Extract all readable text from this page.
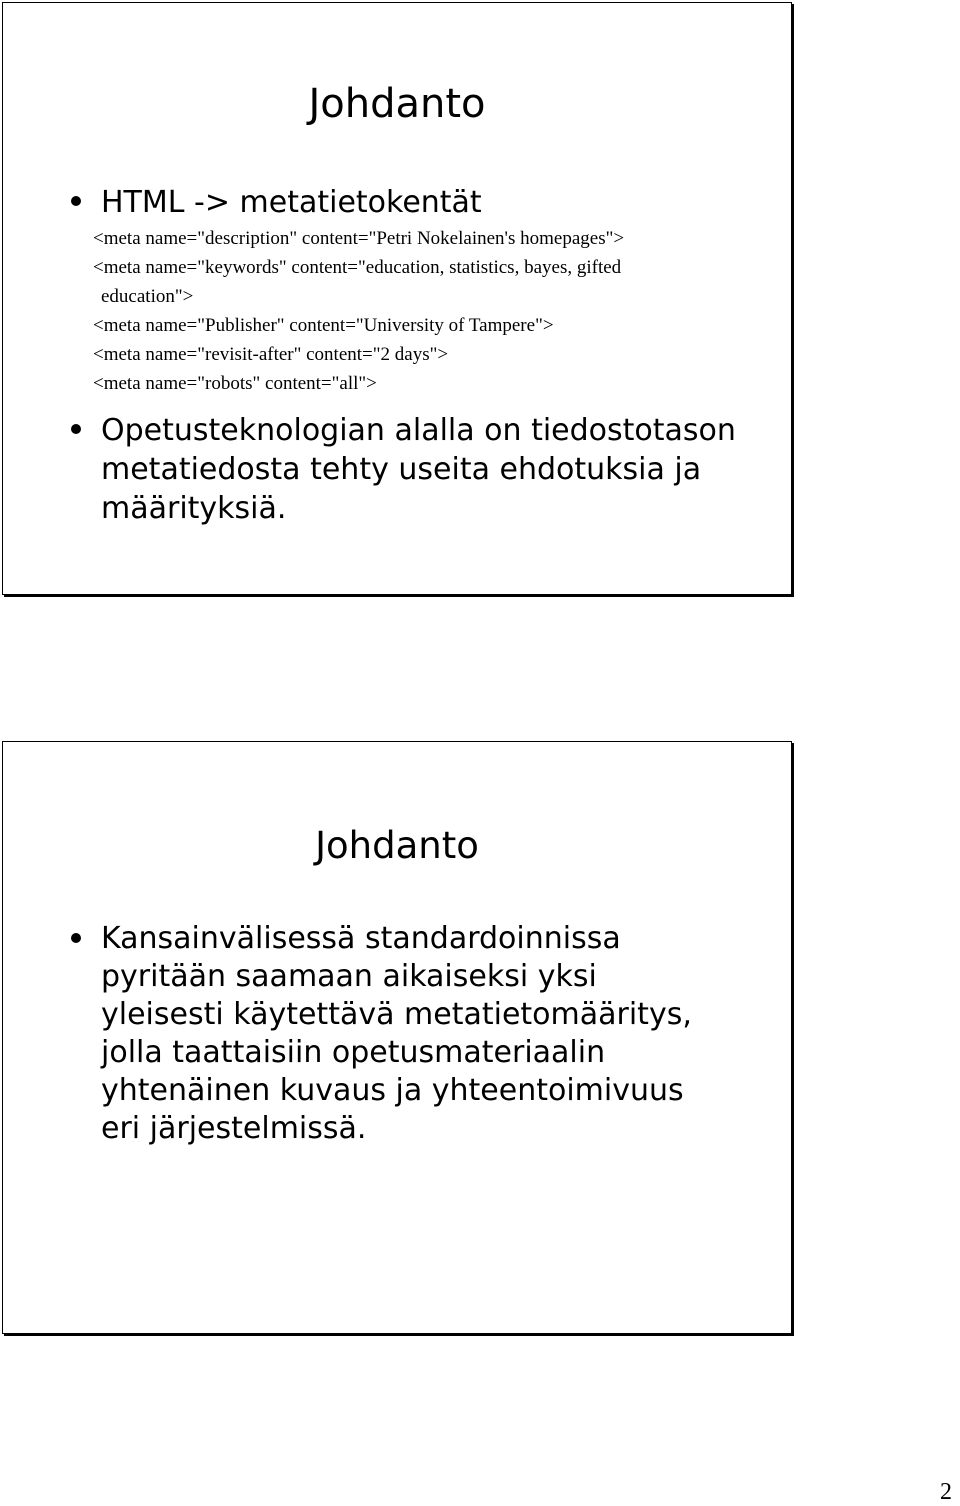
Johdanto
HTML -> metatietokentät
<meta name="description" content="Petri Nokelainen's homepages">
<meta name="keywords" content="education, statistics, bayes, gifted
education">
<meta name="Publisher" content="University of Tampere">
<meta name="revisit-after" content="2 days">
<meta name="robots" content="all">
Opetusteknologian alalla on tiedostotason metatiedosta tehty useita ehdotuksia ja määrityksiä.
Johdanto
Kansainvälisessä standardoinnissa
pyritään saamaan aikaiseksi yksi
yleisesti käytettävä metatietomääritys,
jolla taattaisiin opetusmateriaalin
yhtenäinen kuvaus ja yhteentoimivuus
eri järjestelmissä.
2
